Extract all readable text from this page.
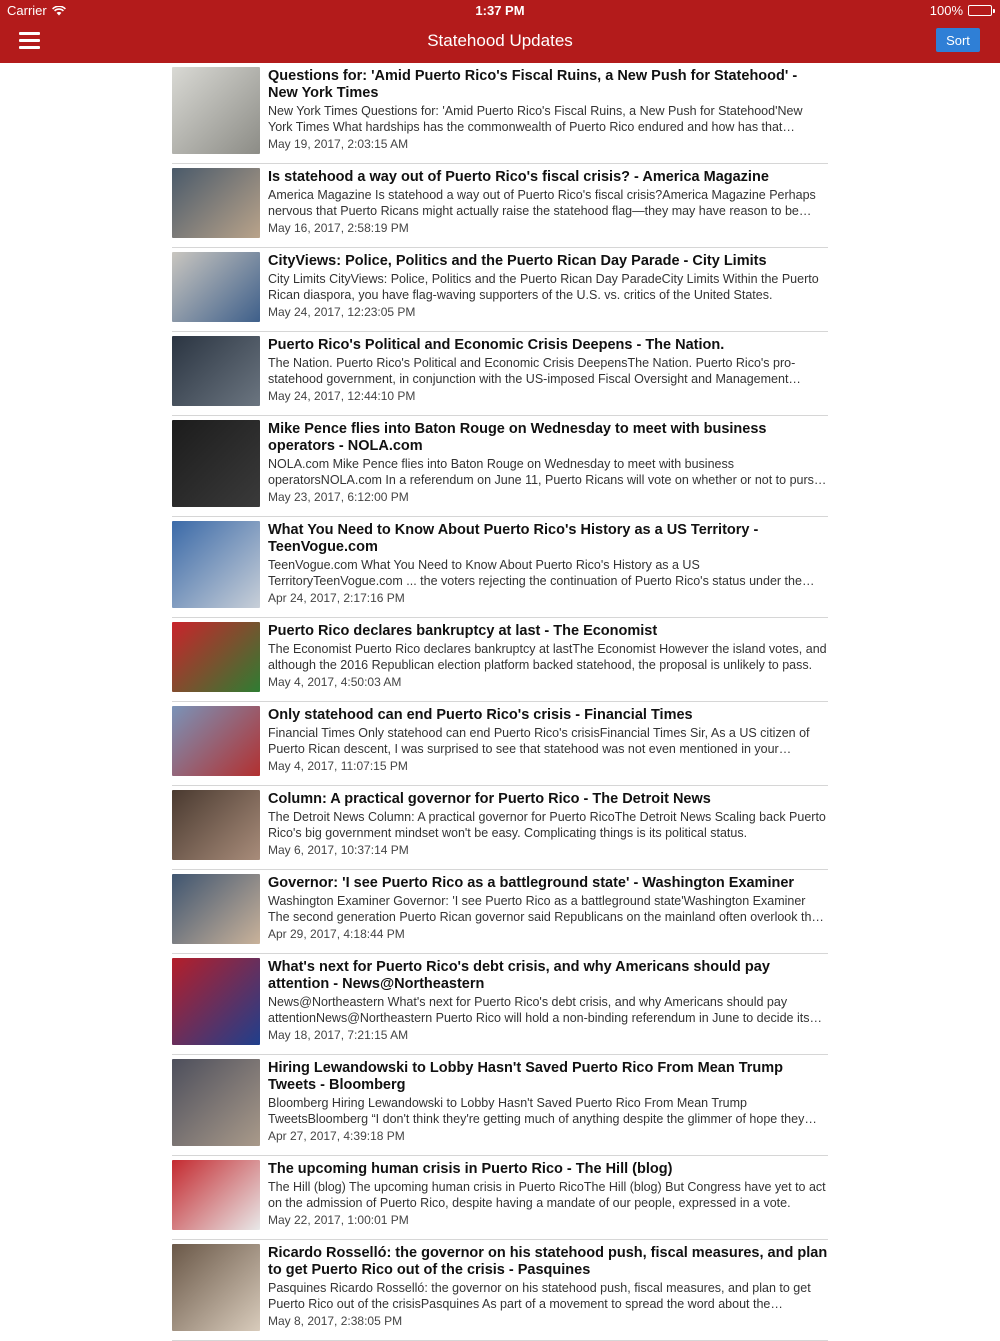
Carrier	1:37 PM	100%
Statehood Updates	Sort
Questions for: 'Amid Puerto Rico's Fiscal Ruins, a New Push for Statehood' - New York Times
New York Times Questions for: 'Amid Puerto Rico's Fiscal Ruins, a New Push for Statehood'New York Times What hardships has the commonwealth of Puerto Rico endured and how has that
May 19, 2017, 2:03:15 AM
Is statehood a way out of Puerto Rico's fiscal crisis? - America Magazine
America Magazine Is statehood a way out of Puerto Rico's fiscal crisis?America Magazine Perhaps nervous that Puerto Ricans might actually raise the statehood flag—they may have reason to be
May 16, 2017, 2:58:19 PM
CityViews: Police, Politics and the Puerto Rican Day Parade - City Limits
City Limits CityViews: Police, Politics and the Puerto Rican Day ParadeCity Limits Within the Puerto Rican diaspora, you have flag-waving supporters of the U.S. vs. critics of the United States.
May 24, 2017, 12:23:05 PM
Puerto Rico's Political and Economic Crisis Deepens - The Nation.
The Nation. Puerto Rico's Political and Economic Crisis DeepensThe Nation. Puerto Rico's pro-statehood government, in conjunction with the US-imposed Fiscal Oversight and Management
May 24, 2017, 12:44:10 PM
Mike Pence flies into Baton Rouge on Wednesday to meet with business operators - NOLA.com
NOLA.com Mike Pence flies into Baton Rouge on Wednesday to meet with business operatorsNOLA.com In a referendum on June 11, Puerto Ricans will vote on whether or not to pursue
May 23, 2017, 6:12:00 PM
What You Need to Know About Puerto Rico's History as a US Territory - TeenVogue.com
TeenVogue.com What You Need to Know About Puerto Rico's History as a US TerritoryTeenVogue.com ... the voters rejecting the continuation of Puerto Rico's status under the
Apr 24, 2017, 2:17:16 PM
Puerto Rico declares bankruptcy at last - The Economist
The Economist Puerto Rico declares bankruptcy at lastThe Economist However the island votes, and although the 2016 Republican election platform backed statehood, the proposal is unlikely to pass.
May 4, 2017, 4:50:03 AM
Only statehood can end Puerto Rico's crisis - Financial Times
Financial Times Only statehood can end Puerto Rico's crisisFinancial Times Sir, As a US citizen of Puerto Rican descent, I was surprised to see that statehood was not even mentioned in your
May 4, 2017, 11:07:15 PM
Column: A practical governor for Puerto Rico - The Detroit News
The Detroit News Column: A practical governor for Puerto RicoThe Detroit News Scaling back Puerto Rico's big government mindset won't be easy. Complicating things is its political status.
May 6, 2017, 10:37:14 PM
Governor: 'I see Puerto Rico as a battleground state' - Washington Examiner
Washington Examiner Governor: 'I see Puerto Rico as a battleground state'Washington Examiner The second generation Puerto Rican governor said Republicans on the mainland often overlook the
Apr 29, 2017, 4:18:44 PM
What's next for Puerto Rico's debt crisis, and why Americans should pay attention - News@Northeastern
News@Northeastern What's next for Puerto Rico's debt crisis, and why Americans should pay attentionNews@Northeastern Puerto Rico will hold a non-binding referendum in June to decide its
May 18, 2017, 7:21:15 AM
Hiring Lewandowski to Lobby Hasn't Saved Puerto Rico From Mean Trump Tweets - Bloomberg
Bloomberg Hiring Lewandowski to Lobby Hasn't Saved Puerto Rico From Mean Trump TweetsBloomberg “I don't think they're getting much of anything despite the glimmer of hope they
Apr 27, 2017, 4:39:18 PM
The upcoming human crisis in Puerto Rico - The Hill (blog)
The Hill (blog) The upcoming human crisis in Puerto RicoThe Hill (blog) But Congress have yet to act on the admission of Puerto Rico, despite having a mandate of our people, expressed in a vote.
May 22, 2017, 1:00:01 PM
Ricardo Rosselló: the governor on his statehood push, fiscal measures, and plan to get Puerto Rico out of the crisis - Pasquines
Pasquines Ricardo Rosselló: the governor on his statehood push, fiscal measures, and plan to get Puerto Rico out of the crisisPasquines As part of a movement to spread the word about the
May 8, 2017, 2:38:05 PM
